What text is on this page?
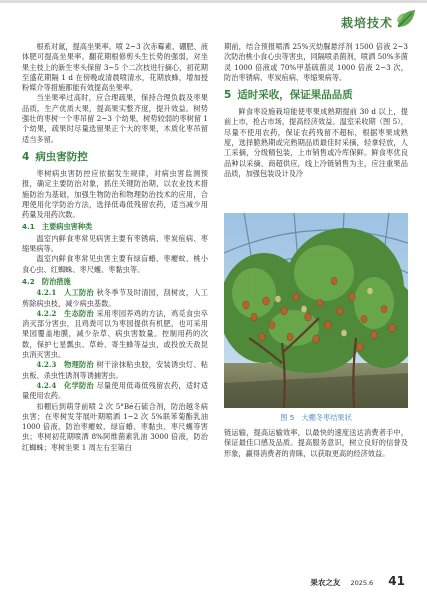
栽培技术

根系对氮，提高坐果率。喷 2~3 次赤霉素、硼肥、液体肥可提高坐果率。翻花期根修剪头生长势的强弱，对坐果主枝上的新生枣头保留 3~5 个二次枝进行摘心，初花期至盛花期隔 1 d 在傍晚或清晨喷清水，花期放蜂，增加授粉媒介等措施都能有效提高坐果率。

当坐果率过高时，应合理疏果，保持合理负载及枣果品质，生产优质大果，提高果实整齐度，提升效益。树势强壮的枣树一个枣吊留 2~3 个幼果，树势较弱的枣树留 1 个幼果，疏果时尽量选留果正个大的枣果，木质化枣吊留适当多留。

4 病虫害防控

枣树病虫害防控应依据发生规律，对病虫害监测预报，确定主要防治对象，抓住关键防治期，以农业技术措施防治为基础，加强生物防治和物理防治技术的应用，合理使用化学防治方法，选择低毒低残留农药，适当减少用药量及用药次数。

4.1　主要病虫害种类

温室内鲜食枣常见病害主要有枣锈病、枣炭疽病、枣缩果病等。

温室内鲜食枣常见虫害主要有绿盲蝽、枣瘿蚊、桃小食心虫、红蜘蛛、枣尺蠖、枣黏虫等。

4.2　防治措施

4.2.1　人工防治 秋冬季节及时清园，刮树皮，人工剪除病虫枝，减少病虫基数。

4.2.2　生态防治 采用枣园养鸡的方法，鸡觅食虫卒消灭部分害虫，且鸡粪可以为枣园提供有机肥，也可采用果园覆盖地膜，减少杂草、病虫害数量。控制用药的次数，保护七星瓢虫、草蛉、寄生蜂等益虫，或投放天敌昆虫消灭害虫。

4.2.3　物理防治 树干涂抹粘虫胶，安装诱虫灯、粘虫板、杀虫性诱剂等诱捕害虫。

4.2.4　化学防治 尽量使用低毒低残留农药，适时适量使用农药。

扣棚后到萌芽前喷 2 次 5°Bé石硫合剂，防治越冬病虫害；在枣树发芽展叶期喷洒 1~2 次 5%联苯菊酯乳油 1000 倍液，防治枣瘿蚊、绿盲蝽、枣黏虫、枣尺蠖等害虫；枣树初花期喷洒 8%阿维菌素乳油 3000 倍液，防治红蜘蛛；枣树坐果 1 周左右至第白

期前，结合预报喷洒 25%灭幼脲悬浮剂 1500 倍液 2~3 次防治桃小食心虫等害虫，同隔喷杀菌剂，喷洒 50%多菌灵 1000 倍液或 70%甲基硫菌灵 1000 倍液 2~3 次，防治枣锈病、枣炭疽病、枣缩果病等。

5 适时采收，保证果品品质

鲜食枣设施栽培能使枣果成熟期提前 30 d 以上，提前上市，抢占市场，提高经济效益。温室采收期（图 5），尽量不使用农药，保证农药残留不超标，根据枣果成熟度，选择脆熟期或完熟期品质最佳时采摘，轻拿轻放，人工采摘，分级精包装，上市销售或冷库保鲜。鲜食枣优良品种以采摘、商超供应，线上冷链销售为主，应注重果品品质，加强包装设计及冷

图 5　大棚冬枣结果状

链运输，提高运输效率，以最快的速度送达消费者手中，保证最佳口感及品质。提高服务意识，树立良好的信誉及形象，赢得消费者的青睐，以获取更高的经济效益。

果农之友 2025.6 41
